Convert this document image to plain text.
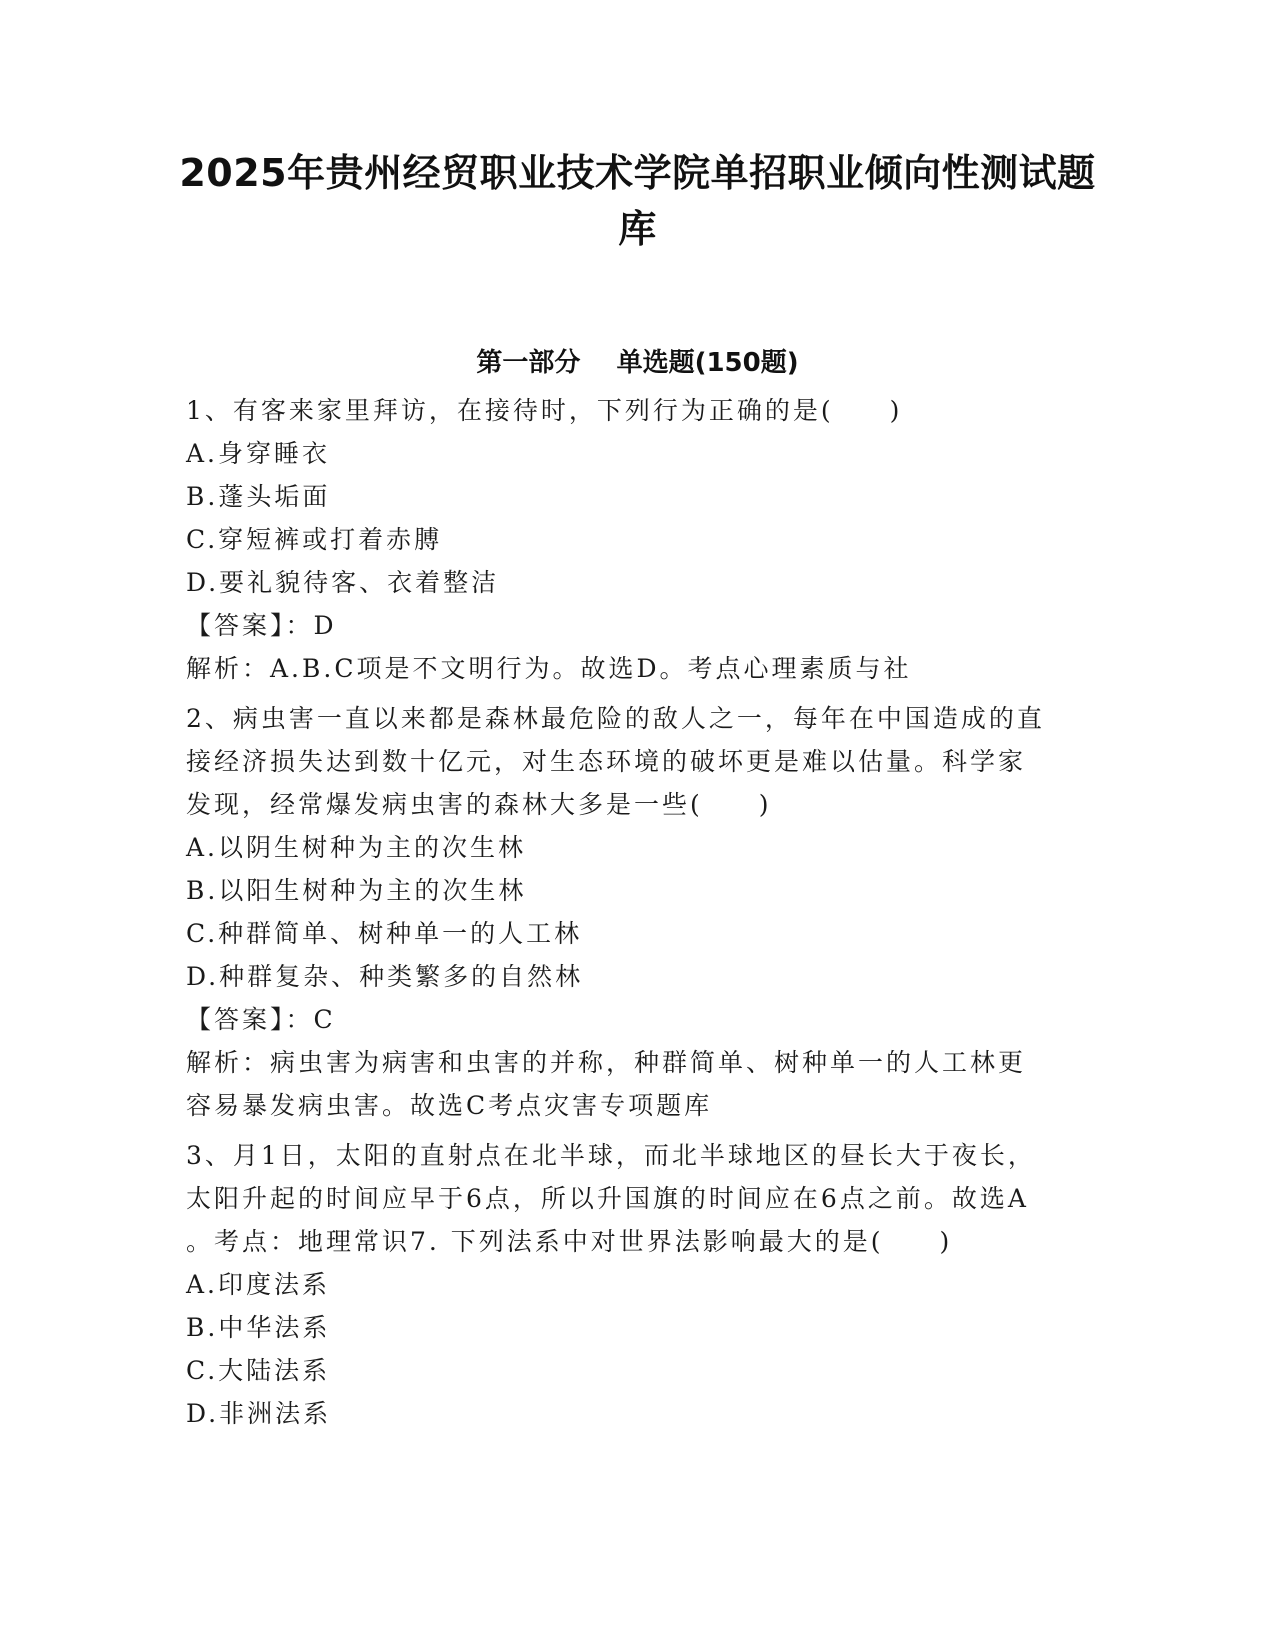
2025年贵州经贸职业技术学院单招职业倾向性测试题
库
第一部分    单选题(150题)
1、有客来家里拜访，在接待时，下列行为正确的是(　　)
A.身穿睡衣
B.蓬头垢面
C.穿短裤或打着赤膊
D.要礼貌待客、衣着整洁
【答案】：D
解析：A.B.C项是不文明行为。故选D。考点心理素质与社
2、病虫害一直以来都是森林最危险的敌人之一，每年在中国造成的直
接经济损失达到数十亿元，对生态环境的破坏更是难以估量。科学家
发现，经常爆发病虫害的森林大多是一些(　　)
A.以阴生树种为主的次生林
B.以阳生树种为主的次生林
C.种群简单、树种单一的人工林
D.种群复杂、种类繁多的自然林
【答案】：C
解析：病虫害为病害和虫害的并称，种群简单、树种单一的人工林更
容易暴发病虫害。故选C考点灾害专项题库
3、月1日，太阳的直射点在北半球，而北半球地区的昼长大于夜长，
太阳升起的时间应早于6点，所以升国旗的时间应在6点之前。故选A
。考点：地理常识7. 下列法系中对世界法影响最大的是(　　)
A.印度法系
B.中华法系
C.大陆法系
D.非洲法系
